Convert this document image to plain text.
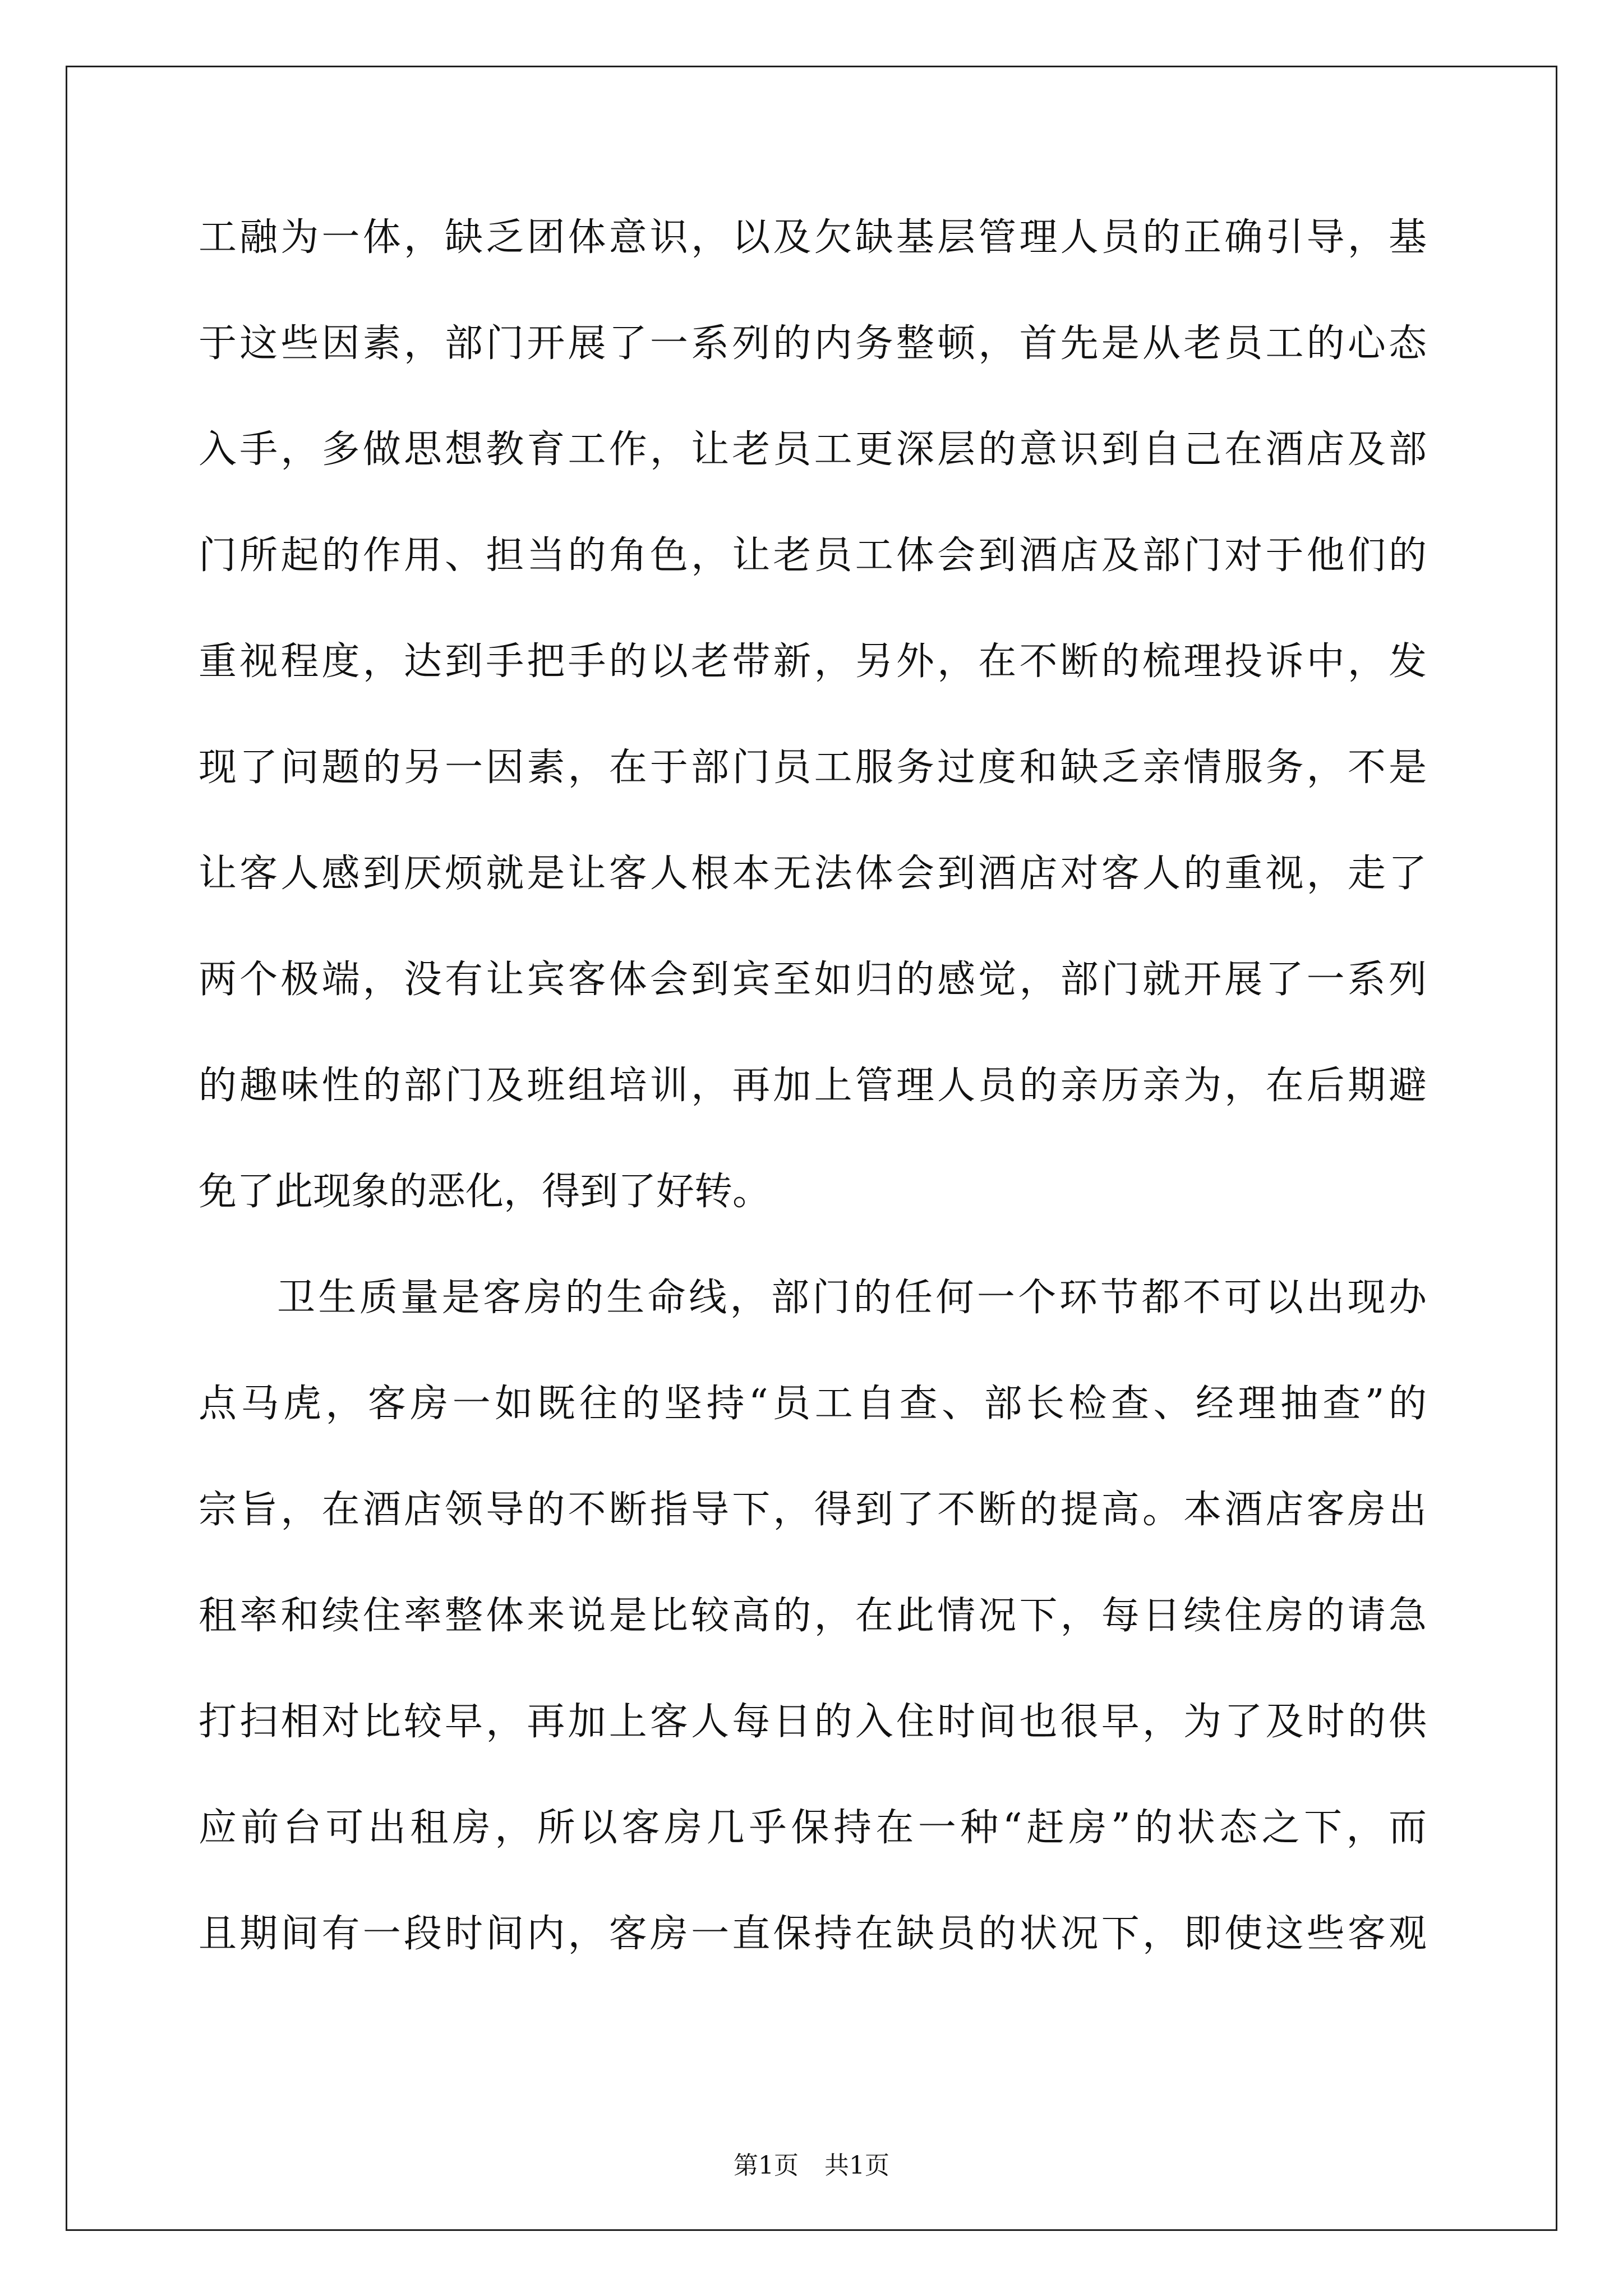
工融为一体，缺乏团体意识，以及欠缺基层管理人员的正确引导，基
于这些因素，部门开展了一系列的内务整顿，首先是从老员工的心态
入手，多做思想教育工作，让老员工更深层的意识到自己在酒店及部
门所起的作用、担当的角色，让老员工体会到酒店及部门对于他们的
重视程度，达到手把手的以老带新，另外，在不断的梳理投诉中，发
现了问题的另一因素，在于部门员工服务过度和缺乏亲情服务，不是
让客人感到厌烦就是让客人根本无法体会到酒店对客人的重视，走了
两个极端，没有让宾客体会到宾至如归的感觉，部门就开展了一系列
的趣味性的部门及班组培训，再加上管理人员的亲历亲为，在后期避
免了此现象的恶化，得到了好转。
卫生质量是客房的生命线，部门的任何一个环节都不可以出现办
点马虎，客房一如既往的坚持“员工自查、部长检查、经理抽查”的
宗旨，在酒店领导的不断指导下，得到了不断的提高。本酒店客房出
租率和续住率整体来说是比较高的，在此情况下，每日续住房的请急
打扫相对比较早，再加上客人每日的入住时间也很早，为了及时的供
应前台可出租房，所以客房几乎保持在一种“赶房”的状态之下，而
且期间有一段时间内，客房一直保持在缺员的状况下，即使这些客观
第1页 共1页
